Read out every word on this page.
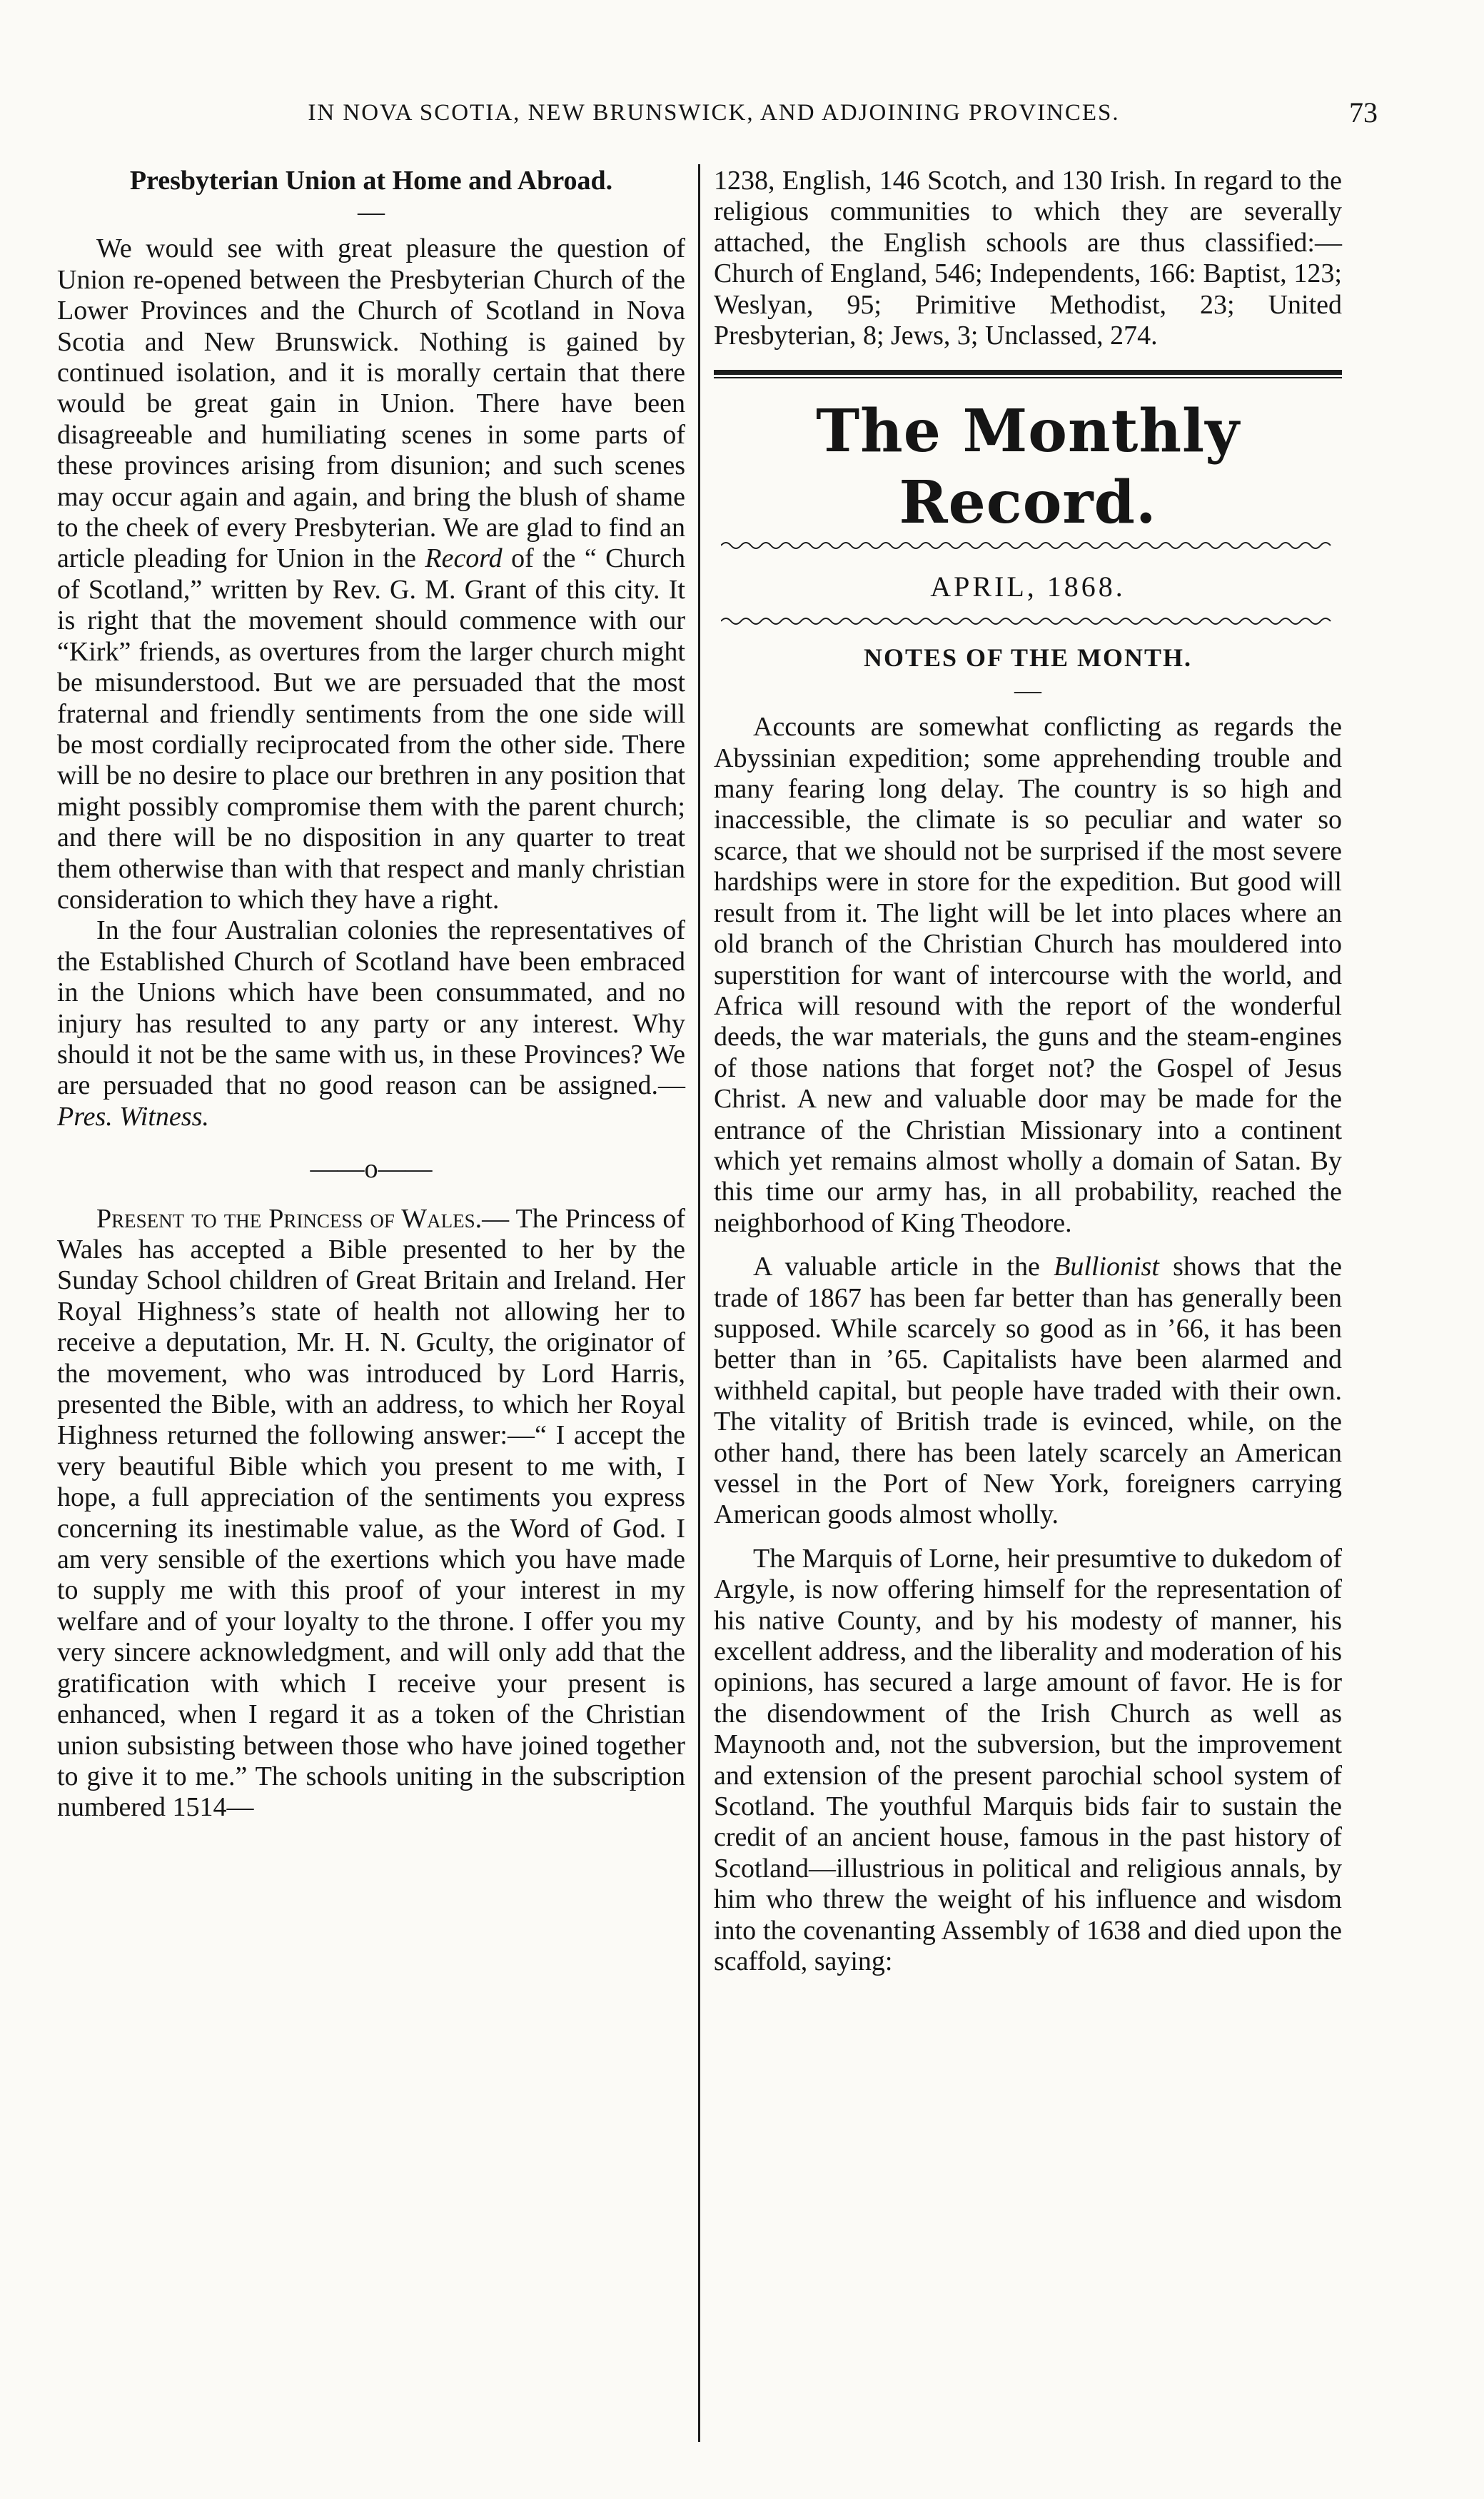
IN NOVA SCOTIA, NEW BRUNSWICK, AND ADJOINING PROVINCES.	73
Presbyterian Union at Home and Abroad.
—

We would see with great pleasure the question of Union re-opened between the Presbyterian Church of the Lower Provinces and the Church of Scotland in Nova Scotia and New Brunswick. Nothing is gained by continued isolation, and it is morally certain that there would be great gain in Union. There have been disagreeable and humiliating scenes in some parts of these provinces arising from disunion; and such scenes may occur again and again, and bring the blush of shame to the cheek of every Presbyterian. We are glad to find an article pleading for Union in the Record of the “ Church of Scotland,” written by Rev. G. M. Grant of this city. It is right that the movement should commence with our “Kirk” friends, as overtures from the larger church might be misunderstood. But we are persuaded that the most fraternal and friendly sentiments from the one side will be most cordially reciprocated from the other side. There will be no desire to place our brethren in any position that might possibly compromise them with the parent church; and there will be no disposition in any quarter to treat them otherwise than with that respect and manly christian consideration to which they have a right.

In the four Australian colonies the representatives of the Established Church of Scotland have been embraced in the Unions which have been consummated, and no injury has resulted to any party or any interest. Why should it not be the same with us, in these Provinces? We are persuaded that no good reason can be assigned.—Pres. Witness.

——o——

Present to the Princess of Wales.— The Princess of Wales has accepted a Bible presented to her by the Sunday School children of Great Britain and Ireland. Her Royal Highness’s state of health not allowing her to receive a deputation, Mr. H. N. Gculty, the originator of the movement, who was introduced by Lord Harris, presented the Bible, with an address, to which her Royal Highness returned the following answer:—“ I accept the very beautiful Bible which you present to me with, I hope, a full appreciation of the sentiments you express concerning its inestimable value, as the Word of God. I am very sensible of the exertions which you have made to supply me with this proof of your interest in my welfare and of your loyalty to the throne. I offer you my very sincere acknowledgment, and will only add that the gratification with which I receive your present is enhanced, when I regard it as a token of the Christian union subsisting between those who have joined together to give it to me.” The schools uniting in the subscription numbered 1514—

1238, English, 146 Scotch, and 130 Irish. In regard to the religious communities to which they are severally attached, the English schools are thus classified:—Church of England, 546; Independents, 166: Baptist, 123; Weslyan, 95; Primitive Methodist, 23; United Presbyterian, 8; Jews, 3; Unclassed, 274.

The Monthly Record.
APRIL, 1868.
NOTES OF THE MONTH.
—

Accounts are somewhat conflicting as regards the Abyssinian expedition; some apprehending trouble and many fearing long delay. The country is so high and inaccessible, the climate is so peculiar and water so scarce, that we should not be surprised if the most severe hardships were in store for the expedition. But good will result from it. The light will be let into places where an old branch of the Christian Church has mouldered into superstition for want of intercourse with the world, and Africa will resound with the report of the wonderful deeds, the war materials, the guns and the steam-engines of those nations that forget not? the Gospel of Jesus Christ. A new and valuable door may be made for the entrance of the Christian Missionary into a continent which yet remains almost wholly a domain of Satan. By this time our army has, in all probability, reached the neighborhood of King Theodore.

A valuable article in the Bullionist shows that the trade of 1867 has been far better than has generally been supposed. While scarcely so good as in ’66, it has been better than in ’65. Capitalists have been alarmed and withheld capital, but people have traded with their own. The vitality of British trade is evinced, while, on the other hand, there has been lately scarcely an American vessel in the Port of New York, foreigners carrying American goods almost wholly.

The Marquis of Lorne, heir presumtive to dukedom of Argyle, is now offering himself for the representation of his native County, and by his modesty of manner, his excellent address, and the liberality and moderation of his opinions, has secured a large amount of favor. He is for the disendowment of the Irish Church as well as Maynooth and, not the subversion, but the improvement and extension of the present parochial school system of Scotland. The youthful Marquis bids fair to sustain the credit of an ancient house, famous in the past history of Scotland—illustrious in political and religious annals, by him who threw the weight of his influence and wisdom into the covenanting Assembly of 1638 and died upon the scaffold, saying:
